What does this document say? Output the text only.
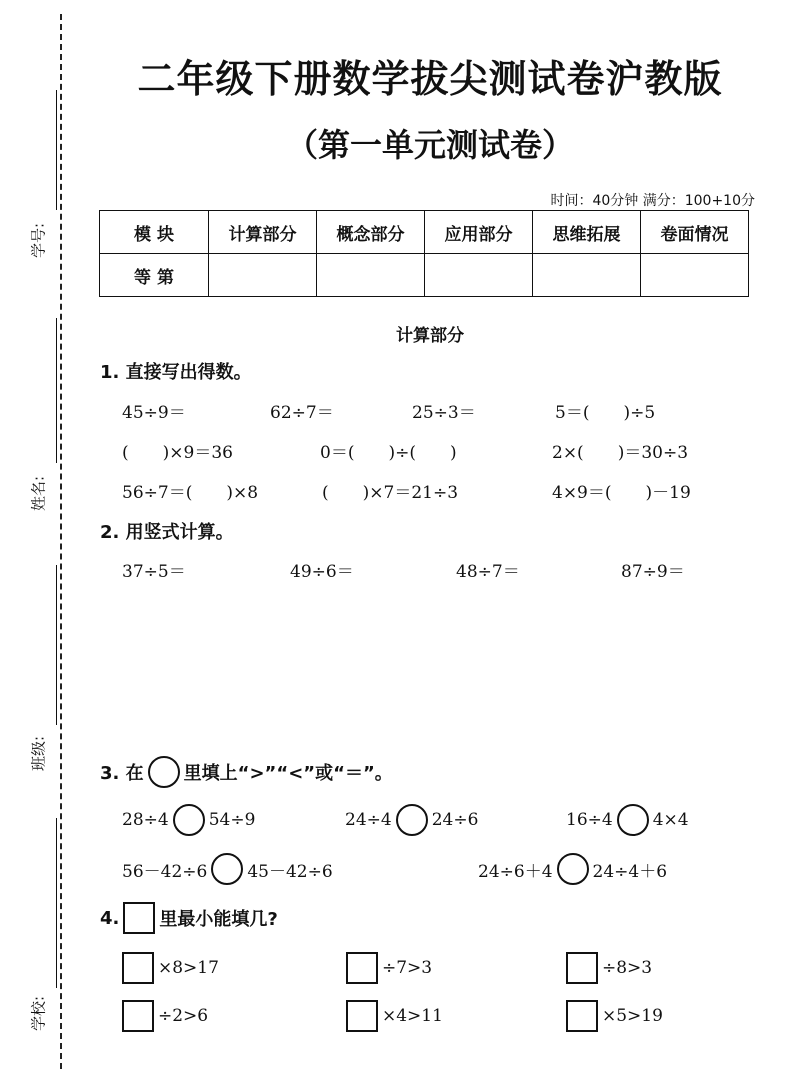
学号:
姓名:
班级:
学校:
二年级下册数学拔尖测试卷沪教版
（第一单元测试卷）
时间：40分钟 满分：100+10分
模 块	计算部分	概念部分	应用部分	思维拓展	卷面情况
等 第					
计算部分
1. 直接写出得数。
45÷9＝	62÷7＝	25÷3＝	5＝(　　)÷5
(　　)×9＝36	0＝(　　)÷(　　)	2×(　　)＝30÷3
56÷7＝(　　)×8	(　　)×7＝21÷3	4×9＝(　　)－19
2. 用竖式计算。
37÷5＝	49÷6＝	48÷7＝	87÷9＝
3. 在 里填上“>”“<”或“＝”。
28÷4 54÷9	24÷4 24÷6	16÷4 4×4
56－42÷6 45－42÷6	24÷6＋4 24÷4＋6
4. 里最小能填几?
×8>17	÷7>3	÷8>3
÷2>6	×4>11	×5>19
